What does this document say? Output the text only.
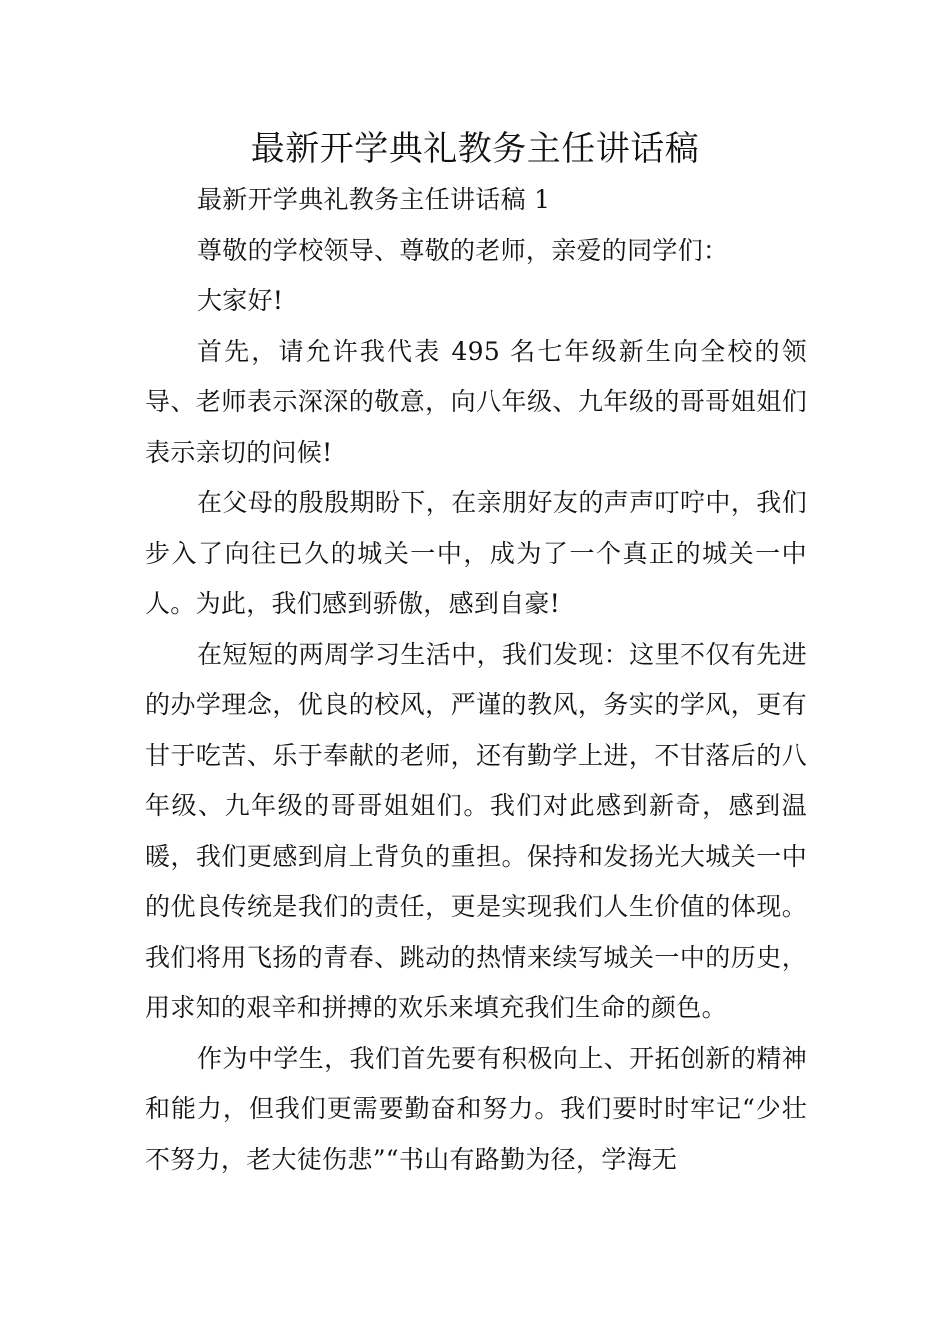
最新开学典礼教务主任讲话稿

最新开学典礼教务主任讲话稿 1

尊敬的学校领导、尊敬的老师，亲爱的同学们：

大家好!

首先，请允许我代表 495 名七年级新生向全校的领导、老师表示深深的敬意，向八年级、九年级的哥哥姐姐们表示亲切的问候!

在父母的殷殷期盼下，在亲朋好友的声声叮咛中，我们步入了向往已久的城关一中，成为了一个真正的城关一中人。为此，我们感到骄傲，感到自豪!

在短短的两周学习生活中，我们发现：这里不仅有先进的办学理念，优良的校风，严谨的教风，务实的学风，更有甘于吃苦、乐于奉献的老师，还有勤学上进，不甘落后的八年级、九年级的哥哥姐姐们。我们对此感到新奇，感到温暖，我们更感到肩上背负的重担。保持和发扬光大城关一中的优良传统是我们的责任，更是实现我们人生价值的体现。我们将用飞扬的青春、跳动的热情来续写城关一中的历史，用求知的艰辛和拼搏的欢乐来填充我们生命的颜色。

作为中学生，我们首先要有积极向上、开拓创新的精神和能力，但我们更需要勤奋和努力。我们要时时牢记“少壮不努力，老大徒伤悲”“书山有路勤为径，学海无
